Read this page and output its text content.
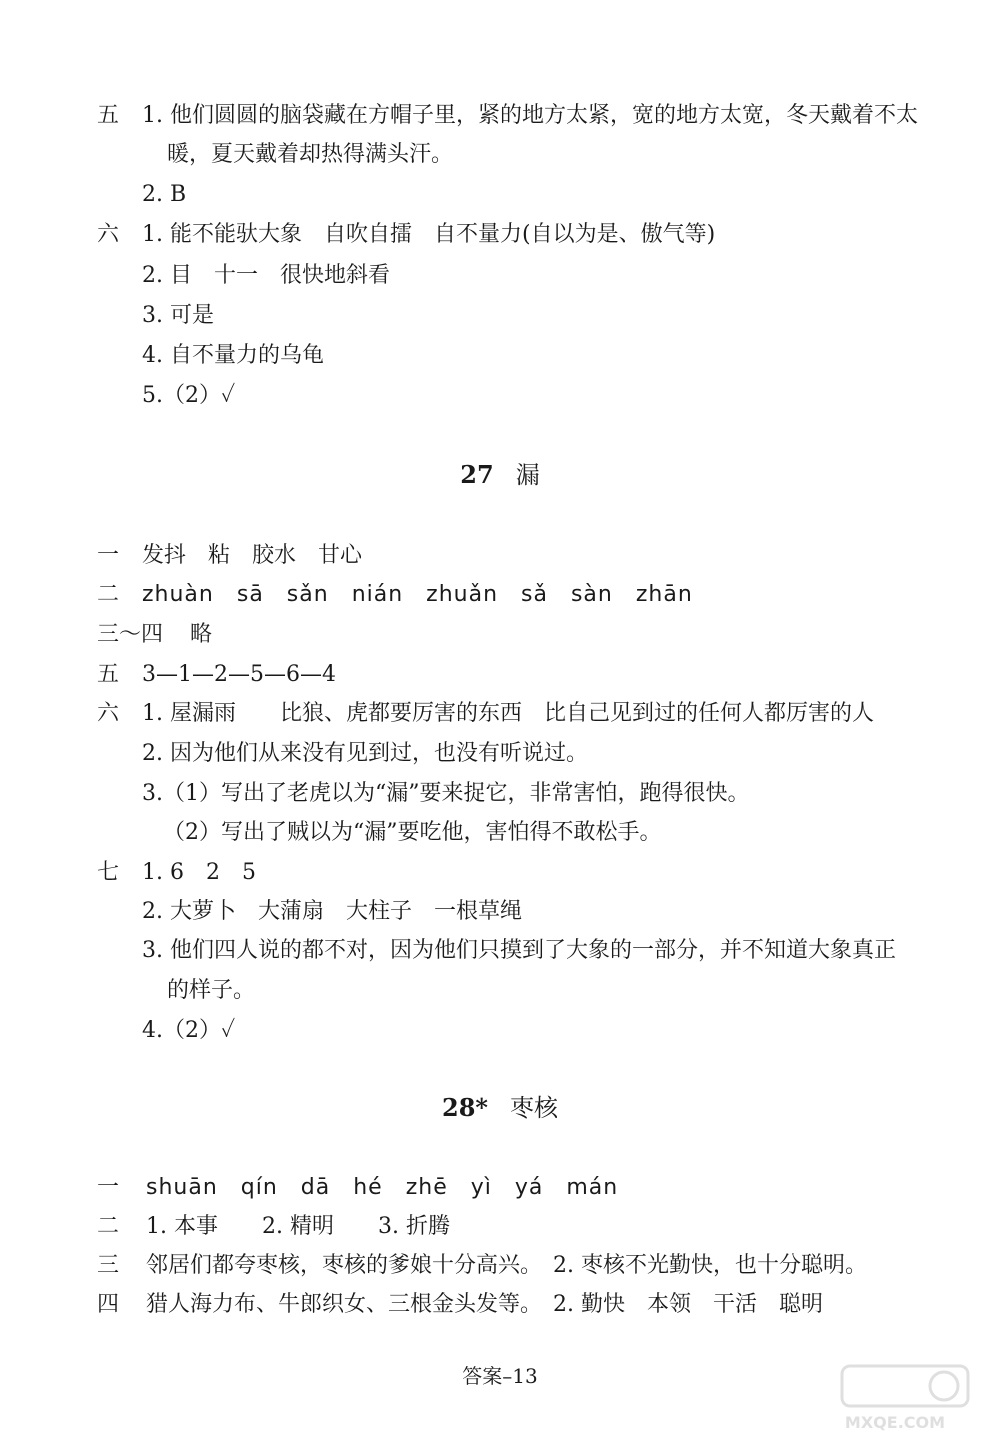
五 1. 他们圆圆的脑袋藏在方帽子里，紧的地方太紧，宽的地方太宽，冬天戴着不太
暖，夏天戴着却热得满头汗。
2. B
六 1. 能不能驮大象　自吹自擂　自不量力(自以为是、傲气等)
2. 目　十一　很快地斜看
3. 可是
4. 自不量力的乌龟
5.（2）✓
27 漏
一 发抖　粘　胶水　甘心
二 zhuàn　sā　sǎn　nián　zhuǎn　sǎ　sàn　zhān
三～四 略
五 3—1—2—5—6—4
六 1. 屋漏雨　　比狼、虎都要厉害的东西　比自己见到过的任何人都厉害的人
2. 因为他们从来没有见到过，也没有听说过。
3.（1）写出了老虎以为“漏”要来捉它，非常害怕，跑得很快。
（2）写出了贼以为“漏”要吃他，害怕得不敢松手。
七 1. 6　2　5
2. 大萝卜　大蒲扇　大柱子　一根草绳
3. 他们四人说的都不对，因为他们只摸到了大象的一部分，并不知道大象真正
的样子。
4.（2）✓
28* 枣核
一 shuān　qín　dā　hé　zhē　yì　yá　mán
二 1. 本事　　2. 精明　　3. 折腾
三 邻居们都夸枣核，枣核的爹娘十分高兴。　2. 枣核不光勤快，也十分聪明。
四 猎人海力布、牛郎织女、三根金头发等。　2. 勤快　本领　干活　聪明
答案–13
MXQE.COM
